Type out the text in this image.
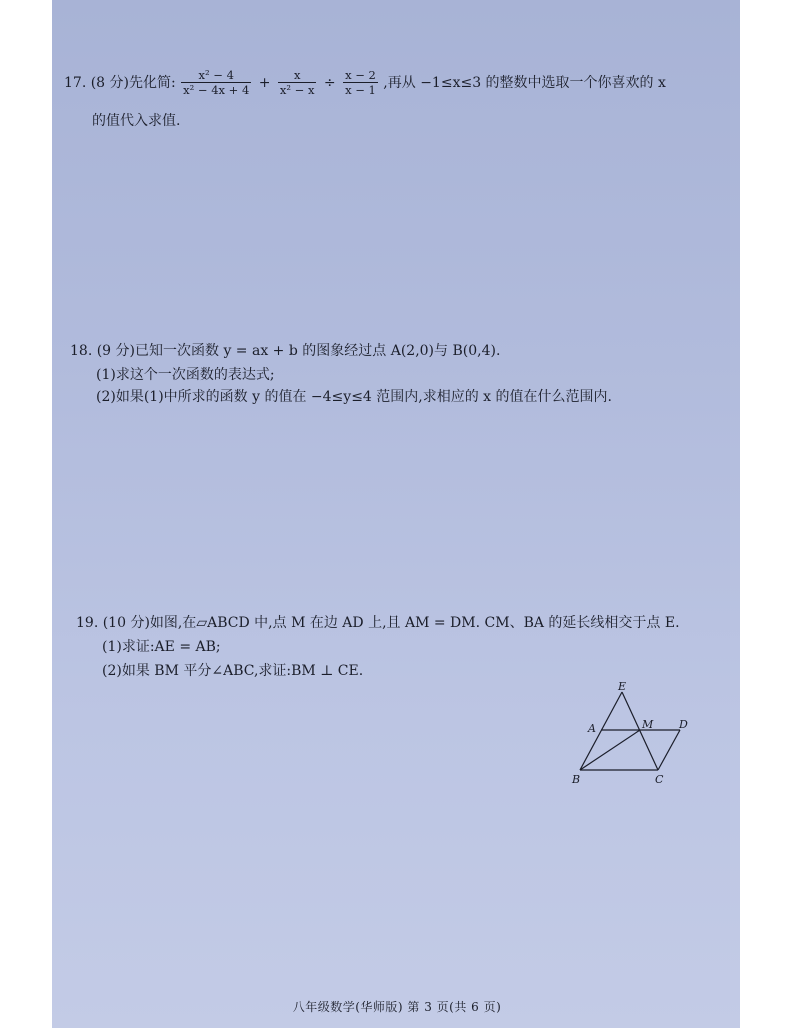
17. (8 分)先化简: $\frac{\text{x² − 4}}{\text{x² − 4x + 4}} + \frac{x}{\text{x² − x}} \div \frac{x - 2}{x - 1}$ ,再从 −1≤x≤3 的整数中选取一个你喜欢的 x
的值代入求值.
18. (9 分)已知一次函数 y = ax + b 的图象经过点 A(2,0)与 B(0,4).
(1)求这个一次函数的表达式;
(2)如果(1)中所求的函数 y 的值在 −4≤y≤4 范围内,求相应的 x 的值在什么范围内.
19. (10 分)如图,在▱ABCD 中,点 M 在边 AD 上,且 AM = DM. CM、BA 的延长线相交于点 E.
(1)求证:AE = AB;
(2)如果 BM 平分∠ABC,求证:BM ⊥ CE.
E
A	M D
B	C
八年级数学(华师版) 第 3 页(共 6 页)
